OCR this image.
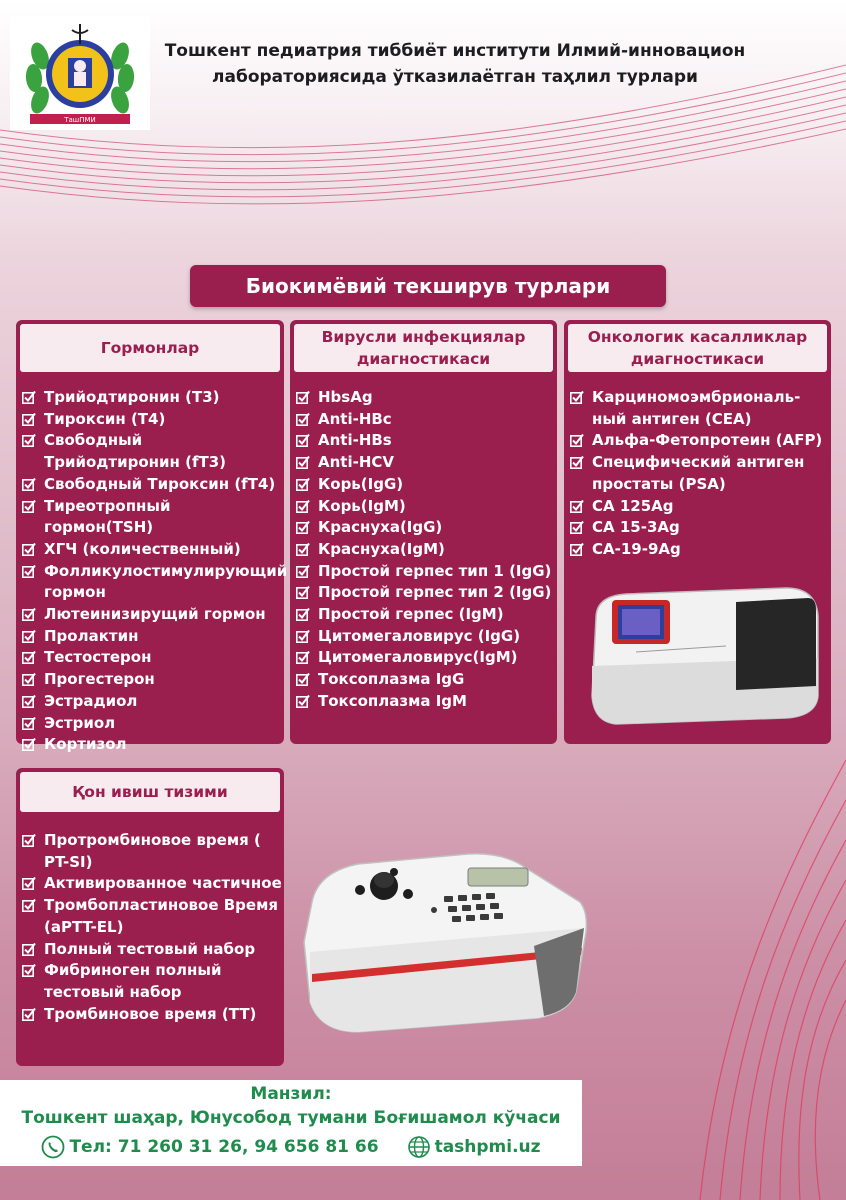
ТашПМИ
Тошкент педиатрия тиббиёт институти Илмий-инновацион
лабораториясида ўтказилаётган таҳлил турлари
Биокимёвий текширув турлари
Гормонлар
Трийодтиронин (Т3)
Тироксин (Т4)
Свободный Трийодтиронин (fT3)
Свободный Тироксин (fT4)
Тиреотропный гормон(TSH)
ХГЧ (количественный)
Фолликулостимулирующий гормон
Лютеинизирущий гормон
Пролактин
Тестостерон
Прогестерон
Эстрадиол
Эстриол
Кортизол
Вирусли инфекциялар диагностикаси
HbsAg
Anti-HBc
Anti-HBs
Anti-HCV
Корь(IgG)
Корь(IgM)
Краснуха(IgG)
Краснуха(IgM)
Простой герпес тип 1 (IgG)
Простой герпес тип 2 (IgG)
Простой герпес (IgM)
Цитомегаловирус (IgG)
Цитомегаловирус(IgM)
Токсоплазма IgG
Токсоплазма IgM
Онкологик касалликлар диагностикаси
Карциномоэмбриональ-ный антиген (CEA)
Альфа-Фетопротеин (AFP)
Специфический антиген простаты (PSA)
CA 125Ag
CA 15-3Ag
CA-19-9Ag
Қон ивиш тизими
Протромбиновое время ( PT-SI)
Активированное частичное
Тромбопластиновое Время (aPTT-EL)
Полный тестовый набор
Фибриноген полный тестовый набор
Тромбиновое время (TT)
Манзил:
Тошкент шаҳар, Юнусобод тумани Боғишамол кўчаси
Тел: 71 260 31 26, 94 656 81 66	tashpmi.uz
